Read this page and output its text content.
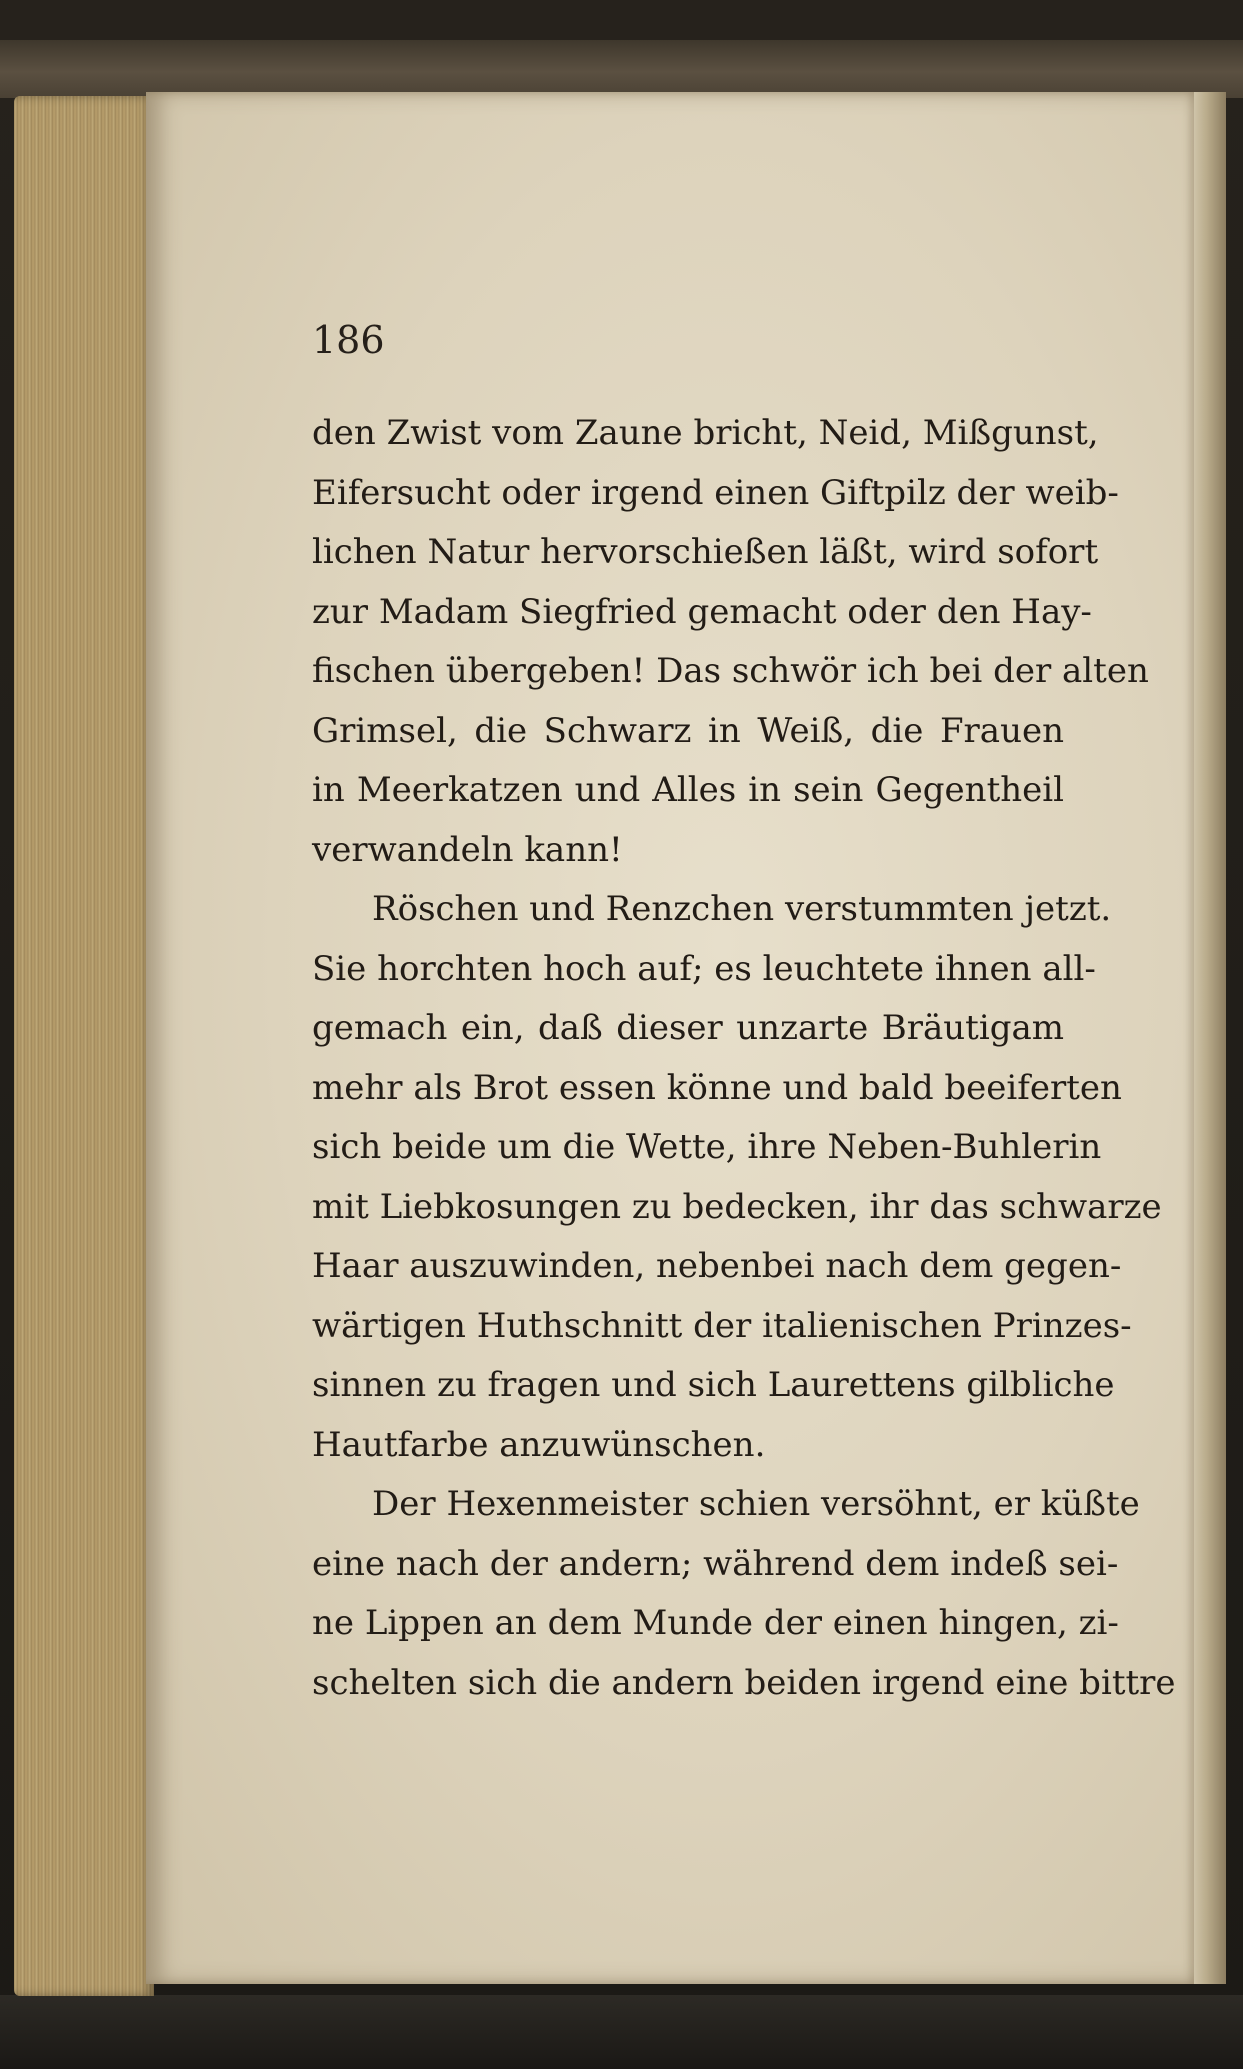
186
den Zwist vom Zaune bricht, Neid, Mißgunst,
Eifersucht oder irgend einen Giftpilz der weib-
lichen Natur hervorschießen läßt, wird sofort
zur Madam Siegfried gemacht oder den Hay-
fischen übergeben! Das schwör ich bei der alten
Grimsel, die Schwarz in Weiß, die Frauen
in Meerkatzen und Alles in sein Gegentheil
verwandeln kann!
Röschen und Renzchen verstummten jetzt.
Sie horchten hoch auf; es leuchtete ihnen all-
gemach ein, daß dieser unzarte Bräutigam
mehr als Brot essen könne und bald beeiferten
sich beide um die Wette, ihre Neben-Buhlerin
mit Liebkosungen zu bedecken, ihr das schwarze
Haar auszuwinden, nebenbei nach dem gegen-
wärtigen Huthschnitt der italienischen Prinzes-
sinnen zu fragen und sich Laurettens gilbliche
Hautfarbe anzuwünschen.
Der Hexenmeister schien versöhnt, er küßte
eine nach der andern; während dem indeß sei-
ne Lippen an dem Munde der einen hingen, zi-
schelten sich die andern beiden irgend eine bittre
